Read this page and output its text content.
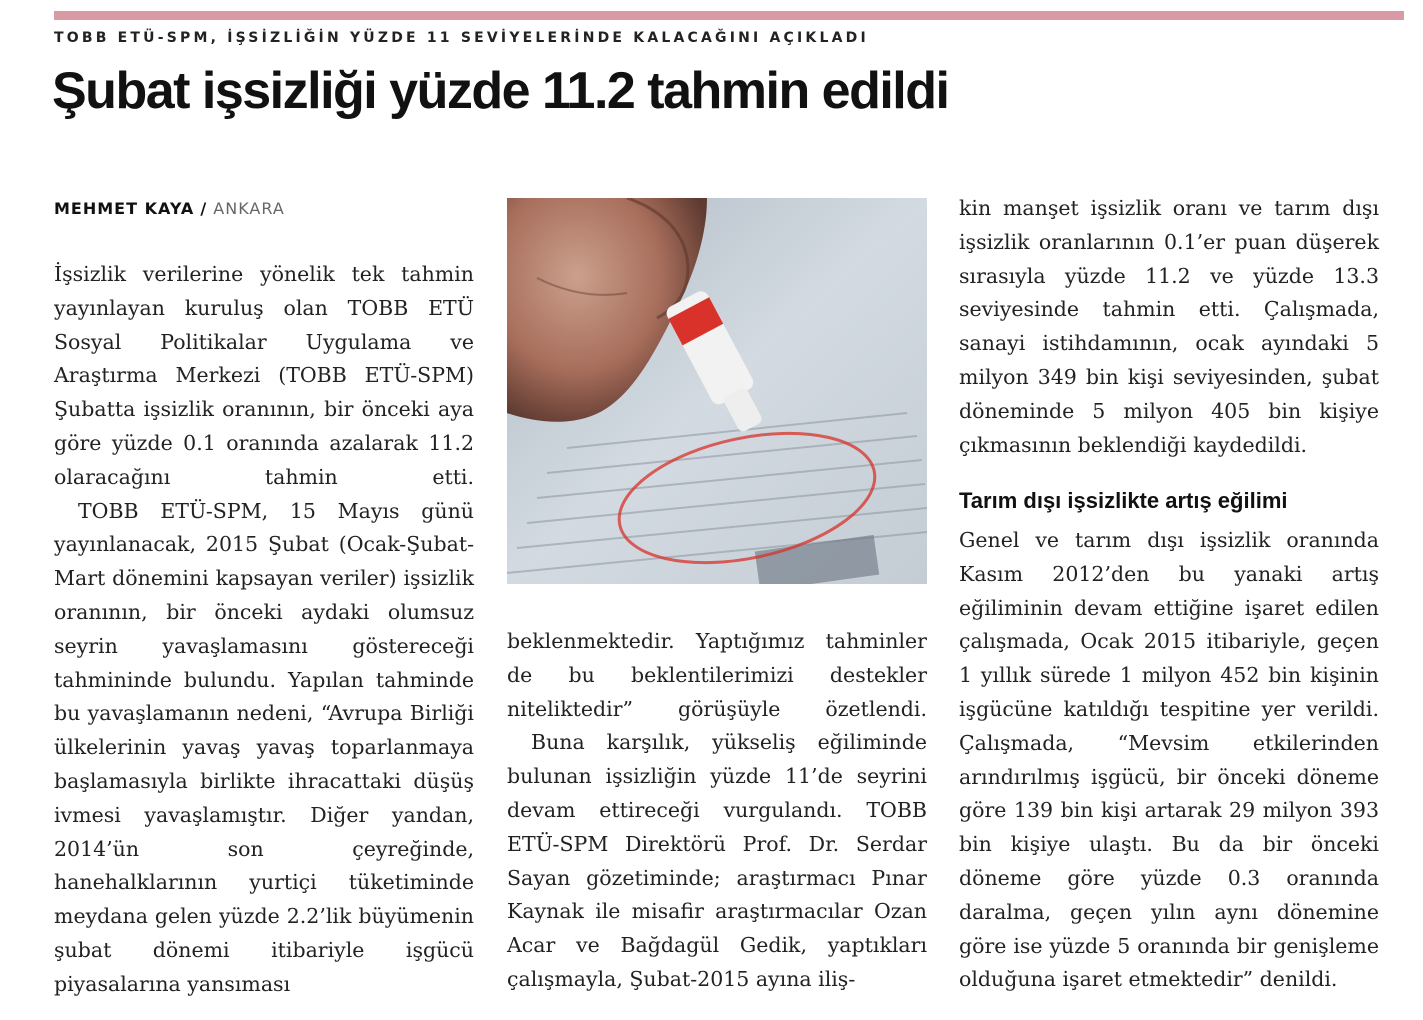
TOBB ETÜ-SPM, İŞSİZLİĞİN YÜZDE 11 SEVİYELERİNDE KALACAĞINI AÇIKLADI
Şubat işsizliği yüzde 11.2 tahmin edildi
MEHMET KAYA / ANKARA

İşsizlik verilerine yönelik tek tahmin yayınlayan kuruluş olan TOBB ETÜ Sosyal Politikalar Uygulama ve Araştırma Merkezi (TOBB ETÜ-SPM) Şubatta işsizlik oranının, bir önceki aya göre yüzde 0.1 oranında azalarak 11.2 olaracağını tahmin etti.

TOBB ETÜ-SPM, 15 Mayıs günü yayınlanacak, 2015 Şubat (Ocak-Şubat-Mart dönemini kapsayan veriler) işsizlik oranının, bir önceki aydaki olumsuz seyrin yavaşlamasını göstereceği tahmininde bulundu. Yapılan tahminde bu yavaşlamanın nedeni, “Avrupa Birliği ülkelerinin yavaş yavaş toparlanmaya başlamasıyla birlikte ihracattaki düşüş ivmesi yavaşlamıştır. Diğer yandan, 2014’ün son çeyreğinde, hanehalklarının yurtiçi tüketiminde meydana gelen yüzde 2.2’lik büyümenin şubat dönemi itibariyle işgücü piyasalarına yansıması

beklenmektedir. Yaptığımız tahminler de bu beklentilerimizi destekler niteliktedir” görüşüyle özetlendi.

Buna karşılık, yükseliş eğiliminde bulunan işsizliğin yüzde 11’de seyrini devam ettireceği vurgulandı. TOBB ETÜ-SPM Direktörü Prof. Dr. Serdar Sayan gözetiminde; araştırmacı Pınar Kaynak ile misafir araştırmacılar Ozan Acar ve Bağdagül Gedik, yaptıkları çalışmayla, Şubat-2015 ayına iliş-

kin manşet işsizlik oranı ve tarım dışı işsizlik oranlarının 0.1’er puan düşerek sırasıyla yüzde 11.2 ve yüzde 13.3 seviyesinde tahmin etti. Çalışmada, sanayi istihdamının, ocak ayındaki 5 milyon 349 bin kişi seviyesinden, şubat döneminde 5 milyon 405 bin kişiye çıkmasının beklendiği kaydedildi.

Tarım dışı işsizlikte artış eğilimi

Genel ve tarım dışı işsizlik oranında Kasım 2012’den bu yanaki artış eğiliminin devam ettiğine işaret edilen çalışmada, Ocak 2015 itibariyle, geçen 1 yıllık sürede 1 milyon 452 bin kişinin işgücüne katıldığı tespitine yer verildi. Çalışmada, “Mevsim etkilerinden arındırılmış işgücü, bir önceki döneme göre 139 bin kişi artarak 29 milyon 393 bin kişiye ulaştı. Bu da bir önceki döneme göre yüzde 0.3 oranında daralma, geçen yılın aynı dönemine göre ise yüzde 5 oranında bir genişleme olduğuna işaret etmektedir” denildi.
